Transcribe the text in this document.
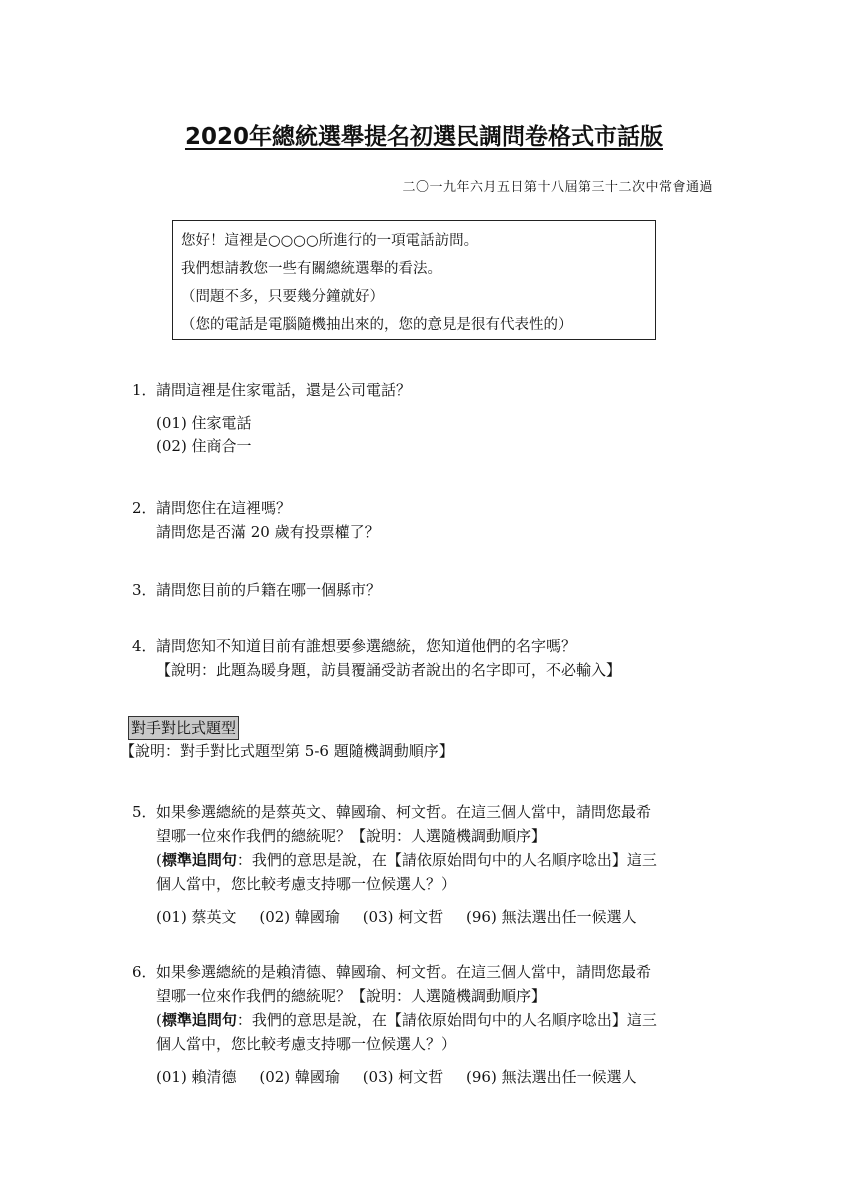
2020年總統選舉提名初選民調問卷格式市話版
二〇一九年六月五日第十八屆第三十二次中常會通過
您好！這裡是○○○○所進行的一項電話訪問。
我們想請教您一些有關總統選舉的看法。
（問題不多，只要幾分鐘就好）
（您的電話是電腦隨機抽出來的，您的意見是很有代表性的）
1．請問這裡是住家電話，還是公司電話？
(01) 住家電話
(02) 住商合一
2．請問您住在這裡嗎？
請問您是否滿 20 歲有投票權了？
3．請問您目前的戶籍在哪一個縣市？
4．請問您知不知道目前有誰想要參選總統，您知道他們的名字嗎？
【說明：此題為暖身題，訪員覆誦受訪者說出的名字即可，不必輸入】
對手對比式題型
【說明：對手對比式題型第 5-6 題隨機調動順序】
5．如果參選總統的是蔡英文、韓國瑜、柯文哲。在這三個人當中，請問您最希
望哪一位來作我們的總統呢？【說明：人選隨機調動順序】
(標準追問句：我們的意思是說，在【請依原始問句中的人名順序唸出】這三
個人當中，您比較考慮支持哪一位候選人？）
(01) 蔡英文 (02) 韓國瑜 (03) 柯文哲 (96) 無法選出任一候選人
6．如果參選總統的是賴清德、韓國瑜、柯文哲。在這三個人當中，請問您最希
望哪一位來作我們的總統呢？【說明：人選隨機調動順序】
(標準追問句：我們的意思是說，在【請依原始問句中的人名順序唸出】這三
個人當中，您比較考慮支持哪一位候選人？）
(01) 賴清德 (02) 韓國瑜 (03) 柯文哲 (96) 無法選出任一候選人
